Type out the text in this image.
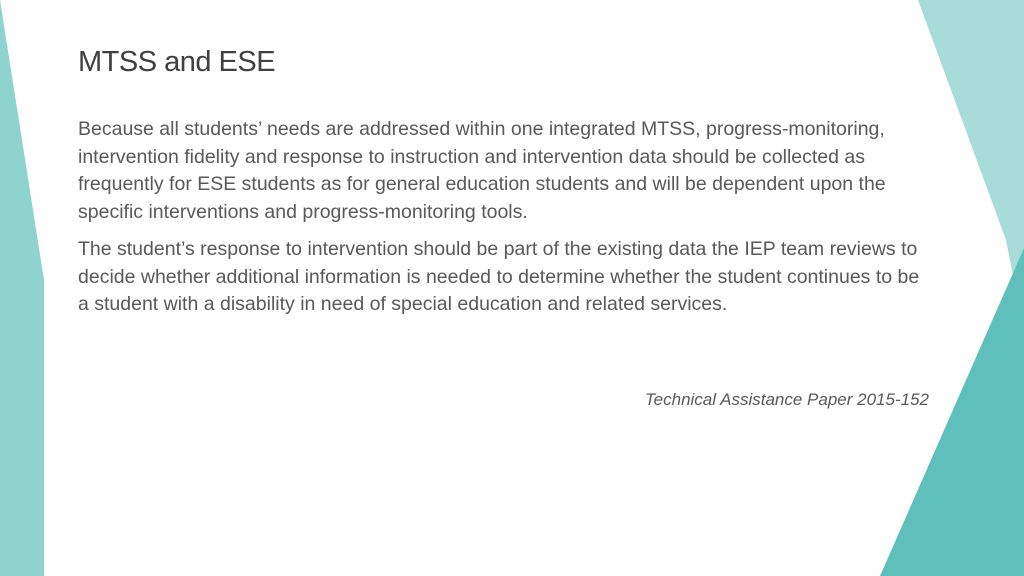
MTSS and ESE

Because all students’ needs are addressed within one integrated MTSS, progress-monitoring, intervention fidelity and response to instruction and intervention data should be collected as frequently for ESE students as for general education students and will be dependent upon the specific interventions and progress-monitoring tools.

The student’s response to intervention should be part of the existing data the IEP team reviews to decide whether additional information is needed to determine whether the student continues to be a student with a disability in need of special education and related services.

Technical Assistance Paper 2015-152
